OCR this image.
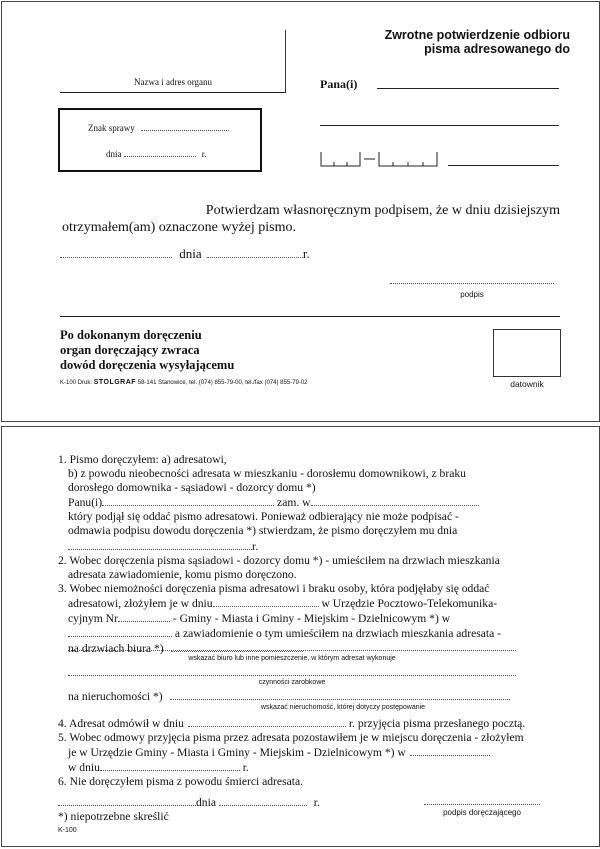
Nazwa i adres organu
Zwrotne potwierdzenie odbioru
pisma adresowanego do
Pana(i)
Znak sprawy
dnia	r.
Potwierdzam własnoręcznym podpisem, że w dniu dzisiejszym
otrzymałem(am) oznaczone wyżej pismo.
dnia	r.
podpis
Po dokonanym doręczeniu
organ doręczający zwraca
dowód doręczenia wysyłającemu
datownik
K-100 Druk: STOLGRAF 58-141 Stanowice, tel. (074) 855-79-00, tel./fax (074) 855-79-02

1. Pismo doręczyłem: a) adresatowi,

b) z powodu nieobecności adresata w mieszkaniu - dorosłemu domownikowi, z braku

dorosłego domownika - sąsiadowi - dozorcy domu *)

Panu(i)	zam. w

który podjął się oddać pismo adresatowi. Ponieważ odbierający nie może podpisać -

odmawia podpisu dowodu doręczenia *) stwierdzam, że pismo doręczyłem mu dnia

r.

2. Wobec doręczenia pisma sąsiadowi - dozorcy domu *) - umieściłem na drzwiach mieszkania

adresata zawiadomienie, komu pismo doręczono.

3. Wobec niemożności doręczenia pisma adresatowi i braku osoby, która podjęłaby się oddać

adresatowi, złożyłem je w dniu	w Urzędzie Pocztowo-Telekomunika-

cyjnym Nr	- Gminy - Miasta i Gminy - Miejskim - Dzielnicowym *) w

a zawiadomienie o tym umieściłem na drzwiach mieszkania adresata -

na drzwiach biura *)

wskazać biuro lub inne pomieszczenie, w którym adresat wykonuje
czynności zarobkowe
na nieruchomości *)
wskazać nieruchomość, której dotyczy postępowanie

4. Adresat odmówił w dniu	r. przyjęcia pisma przesłanego pocztą.

5. Wobec odmowy przyjęcia pisma przez adresata pozostawiłem je w miejscu doręczenia - złożyłem

je w Urzędzie Gminy - Miasta i Gminy - Miejskim - Dzielnicowym *) w

w dniu	r.

6. Nie doręczyłem pisma z powodu śmierci adresata.

dnia	r.
*) niepotrzebne skreślić
K-100
podpis doręczającego
